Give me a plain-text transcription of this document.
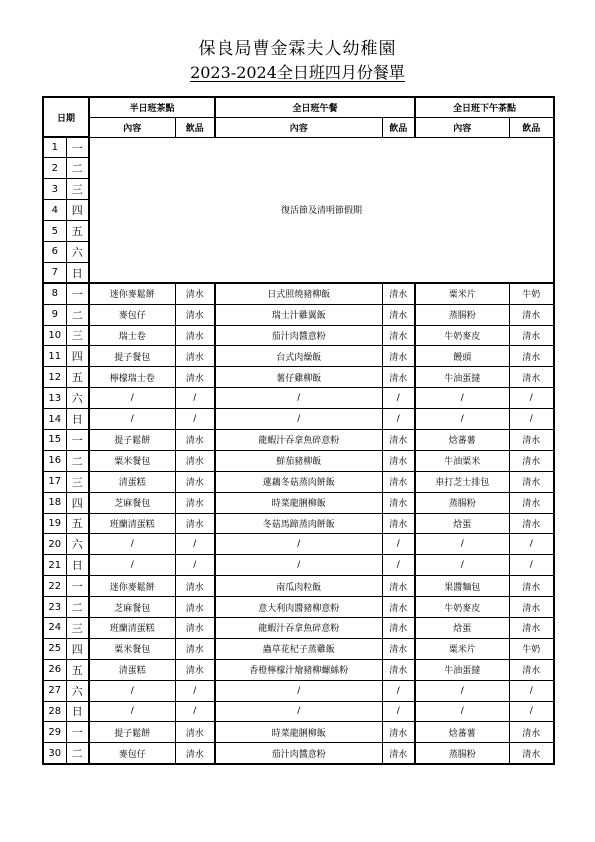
保良局曹金霖夫人幼稚園
2023-2024全日班四月份餐單
日期		半日班茶點		全日班午餐		全日班下午茶點	
		內容	飲品	內容	飲品	內容	飲品
1	一	復活節及清明節假期					
2	二						
3	三						
4	四						
5	五						
6	六						
7	日						
8	一	迷你麥鬆餅	清水	日式照燒豬柳飯	清水	粟米片	牛奶
9	二	麥包仔	清水	瑞士汁雞翼飯	清水	蒸腸粉	清水
10	三	瑞士卷	清水	茄汁肉醬意粉	清水	牛奶麥皮	清水
11	四	提子餐包	清水	台式肉燥飯	清水	饅頭	清水
12	五	檸檬瑞士卷	清水	薯仔雞柳飯	清水	牛油蛋撻	清水
13	六	/	/	/	/	/	/
14	日	/	/	/	/	/	/
15	一	提子鬆餅	清水	龍蝦汁吞拿魚碎意粉	清水	焓蕃薯	清水
16	二	粟米餐包	清水	鮮茄豬柳飯	清水	牛油粟米	清水
17	三	清蛋糕	清水	蓮藕冬菇蒸肉餅飯	清水	車打芝士排包	清水
18	四	芝麻餐包	清水	時菜龍脷柳飯	清水	蒸腸粉	清水
19	五	班蘭清蛋糕	清水	冬菇馬蹄蒸肉餅飯	清水	焓蛋	清水
20	六	/	/	/	/	/	/
21	日	/	/	/	/	/	/
22	一	迷你麥鬆餅	清水	南瓜肉粒飯	清水	果醬麵包	清水
23	二	芝麻餐包	清水	意大利肉醬豬柳意粉	清水	牛奶麥皮	清水
24	三	班蘭清蛋糕	清水	龍蝦汁吞拿魚碎意粉	清水	焓蛋	清水
25	四	粟米餐包	清水	蟲草花杞子蒸雞飯	清水	粟米片	牛奶
26	五	清蛋糕	清水	香橙檸檬汁燴豬柳螺絲粉	清水	牛油蛋撻	清水
27	六	/	/	/	/	/	/
28	日	/	/	/	/	/	/
29	一	提子鬆餅	清水	時菜龍脷柳飯	清水	焓蕃薯	清水
30	二	麥包仔	清水	茄汁肉醬意粉	清水	蒸腸粉	清水
